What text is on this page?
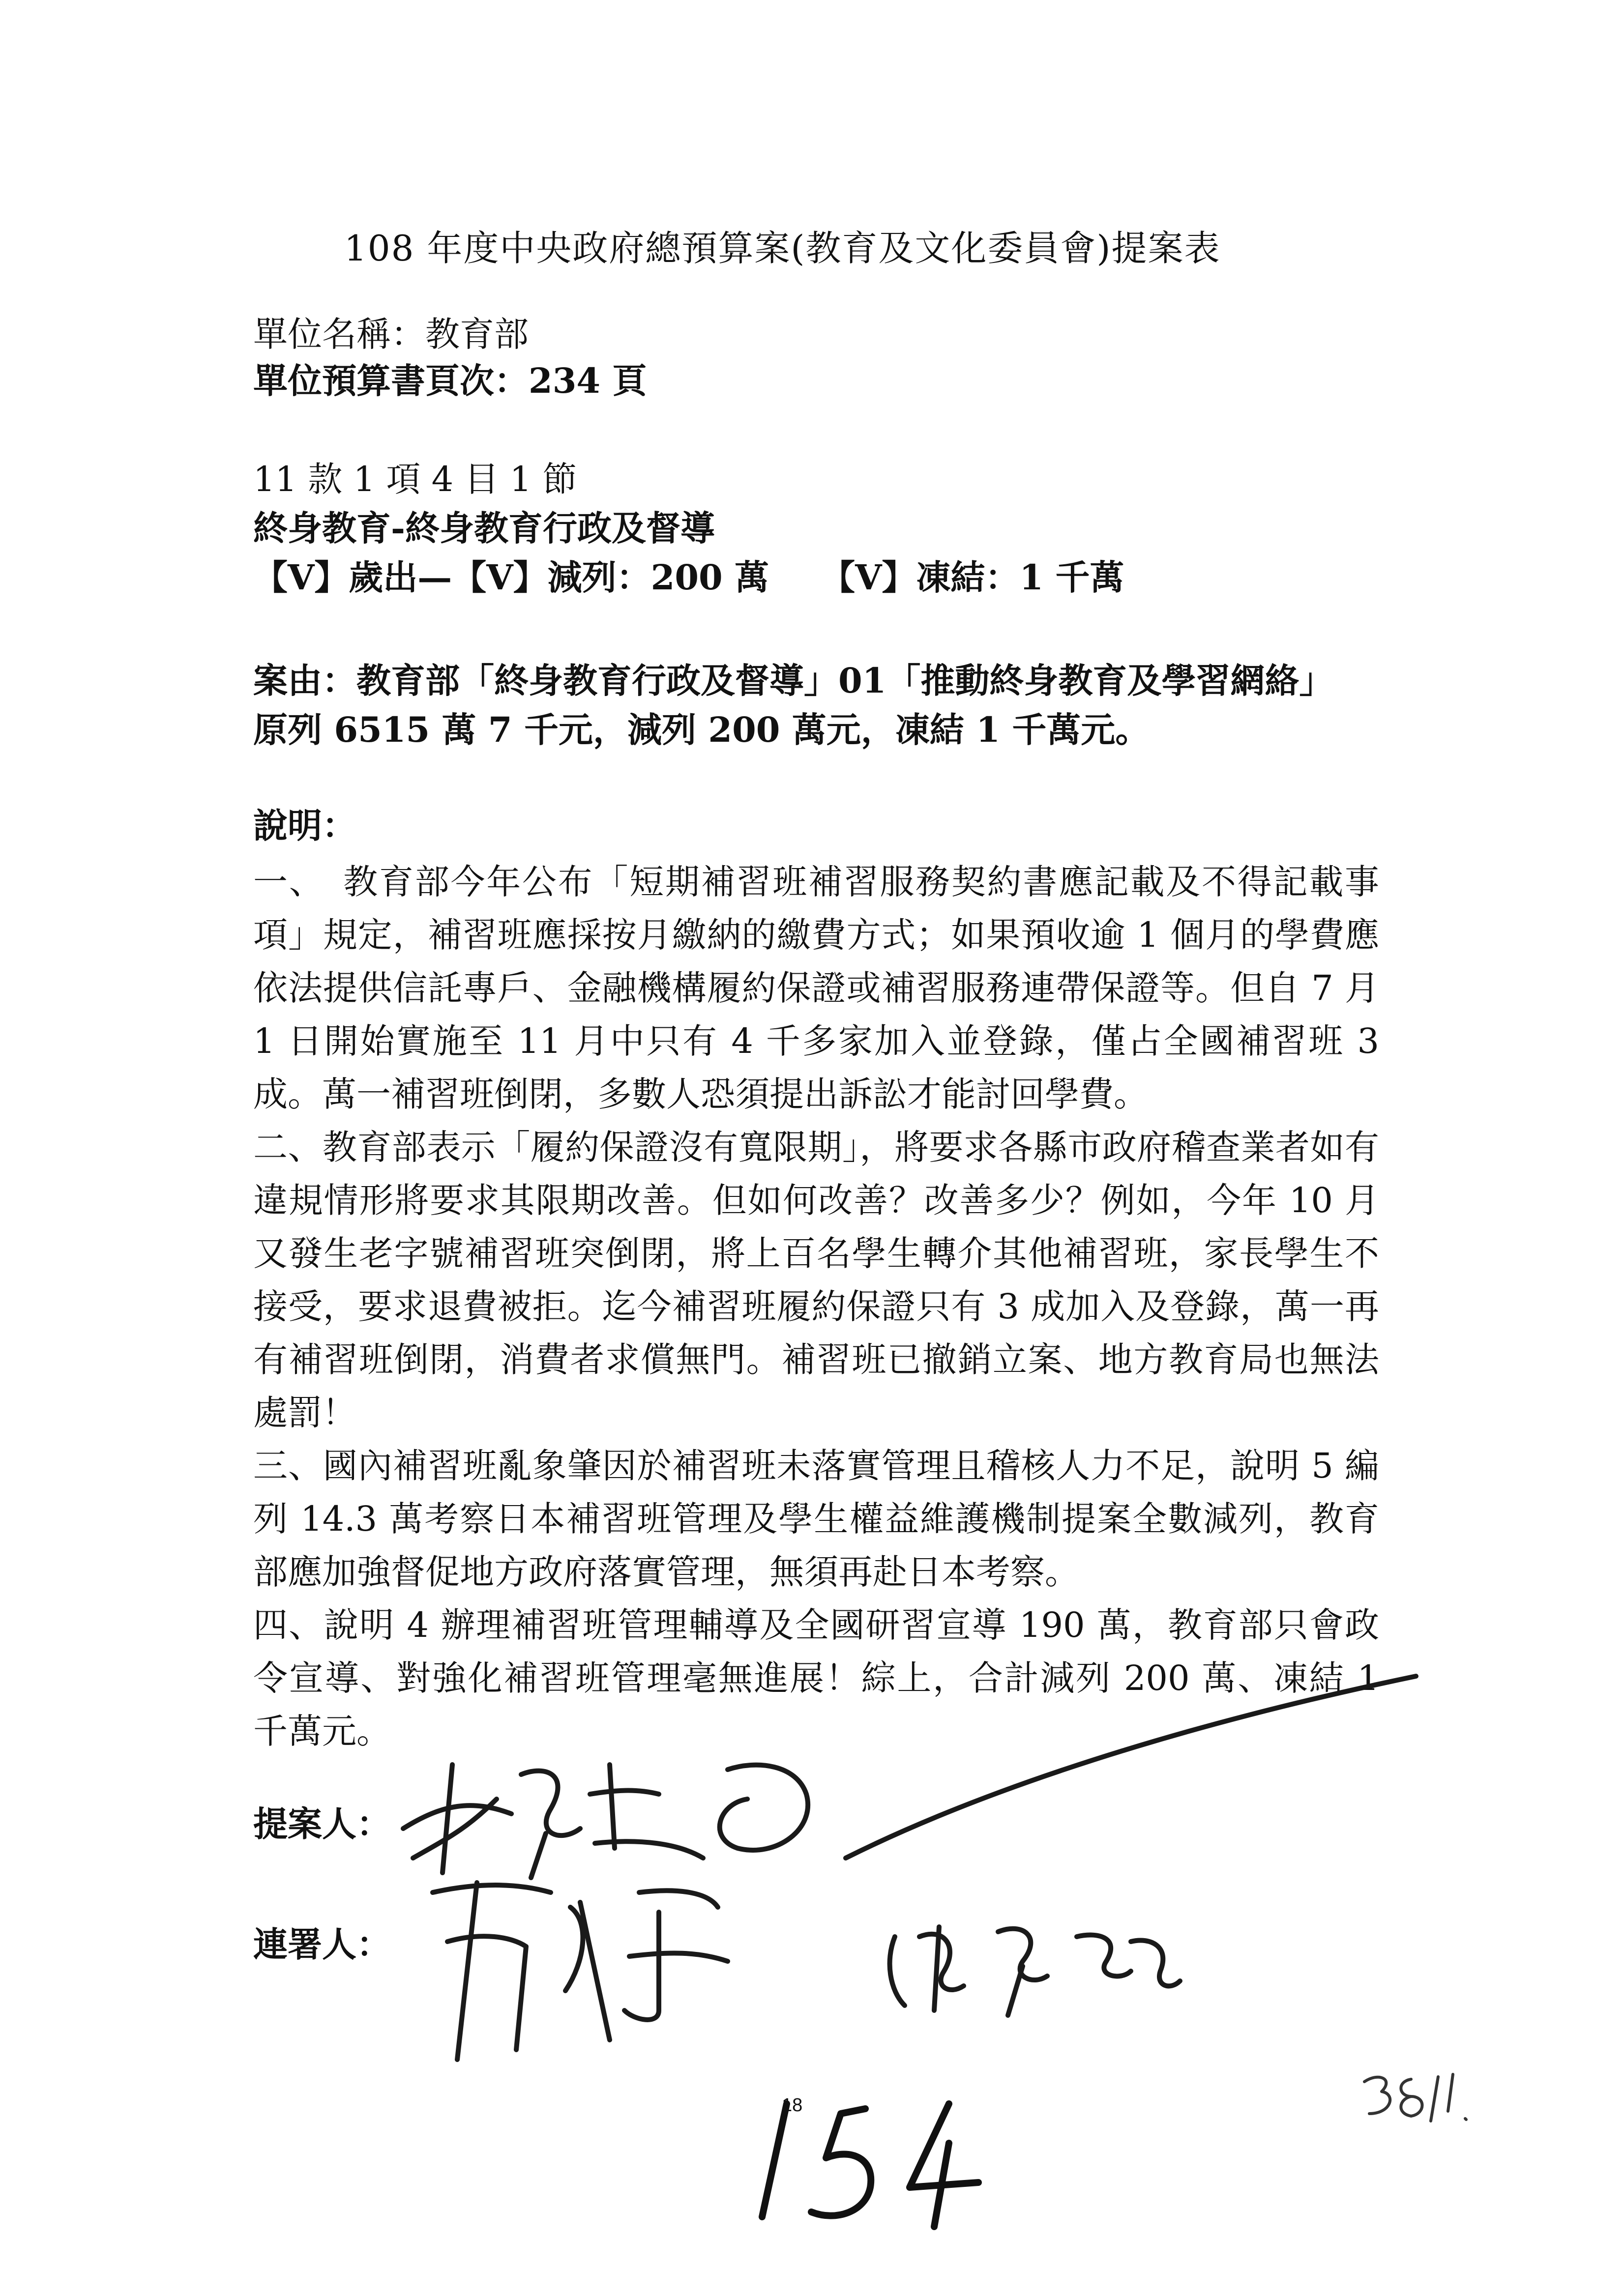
108 年度中央政府總預算案(教育及文化委員會)提案表
單位名稱：教育部
單位預算書頁次：234 頁
11 款 1 項 4 目 1 節
終身教育-終身教育行政及督導
【V】歲出—【V】減列：200 萬　　【V】凍結：1 千萬
案由：教育部「終身教育行政及督導」01「推動終身教育及學習網絡」
原列 6515 萬 7 千元，減列 200 萬元，凍結 1 千萬元。
說明：

一、　教育部今年公布「短期補習班補習服務契約書應記載及不得記載事項」規定，補習班應採按月繳納的繳費方式；如果預收逾 1 個月的學費應依法提供信託專戶、金融機構履約保證或補習服務連帶保證等。但自 7 月 1 日開始實施至 11 月中只有 4 千多家加入並登錄，僅占全國補習班 3 成。萬一補習班倒閉，多數人恐須提出訴訟才能討回學費。

二、教育部表示「履約保證沒有寬限期」，將要求各縣市政府稽查業者如有違規情形將要求其限期改善。但如何改善？改善多少？例如，今年 10 月又發生老字號補習班突倒閉，將上百名學生轉介其他補習班，家長學生不接受，要求退費被拒。迄今補習班履約保證只有 3 成加入及登錄，萬一再有補習班倒閉，消費者求償無門。補習班已撤銷立案、地方教育局也無法處罰！

三、國內補習班亂象肇因於補習班未落實管理且稽核人力不足，說明 5 編列 14.3 萬考察日本補習班管理及學生權益維護機制提案全數減列，教育部應加強督促地方政府落實管理，無須再赴日本考察。

四、說明 4 辦理補習班管理輔導及全國研習宣導 190 萬，教育部只會政令宣導、對強化補習班管理毫無進展！綜上，合計減列 200 萬、凍結 1 千萬元。

提案人：
連署人：
18
